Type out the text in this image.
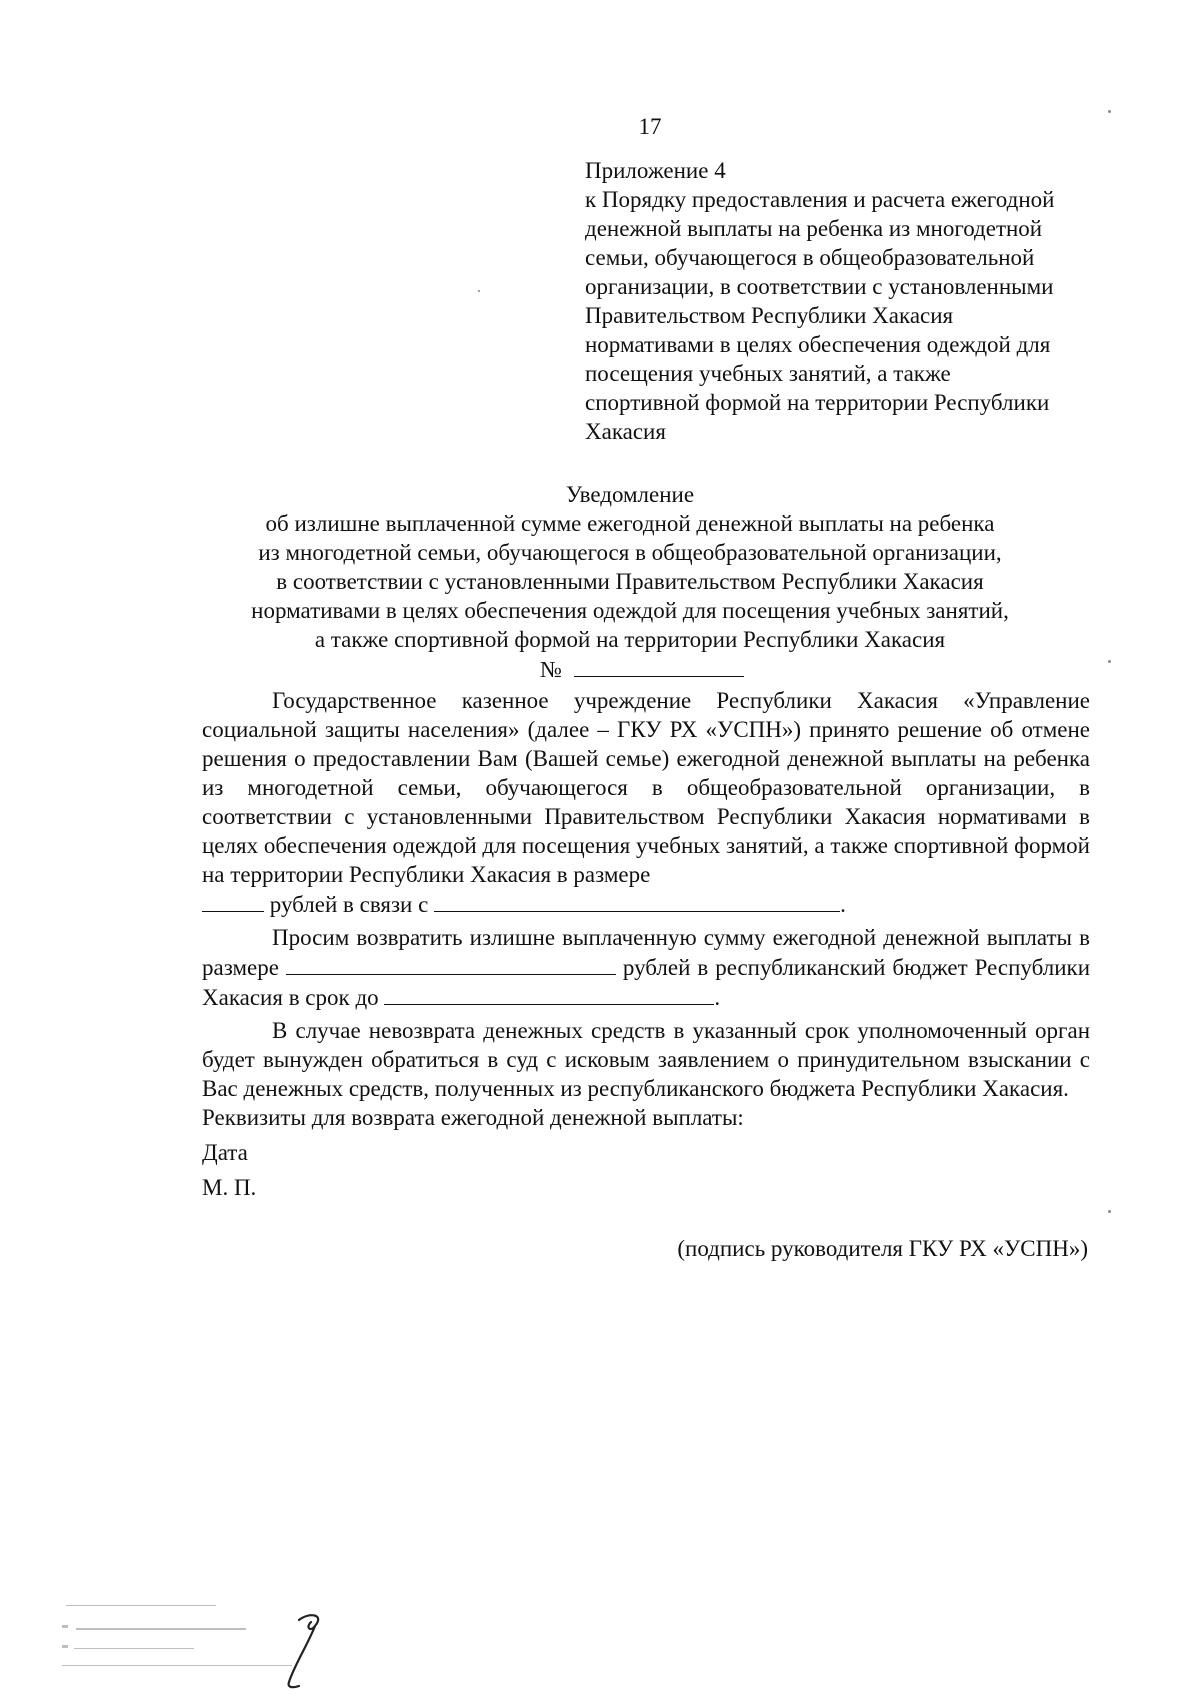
17
Приложение 4
к Порядку предоставления и расчета ежегодной
денежной выплаты на ребенка из многодетной
семьи, обучающегося в общеобразовательной
организации, в соответствии с установленными
Правительством Республики Хакасия
нормативами в целях обеспечения одеждой для
посещения учебных занятий, а также
спортивной формой на территории Республики
Хакасия
Уведомление
об излишне выплаченной сумме ежегодной денежной выплаты на ребенка
из многодетной семьи, обучающегося в общеобразовательной организации,
в соответствии с установленными Правительством Республики Хакасия
нормативами в целях обеспечения одеждой для посещения учебных занятий,
а также спортивной формой на территории Республики Хакасия
№

Государственное казенное учреждение Республики Хакасия «Управление социальной защиты населения» (далее – ГКУ РХ «УСПН») принято решение об отмене решения о предоставлении Вам (Вашей семье) ежегодной денежной выплаты на ребенка из многодетной семьи, обучающегося в общеобразовательной организации, в соответствии с установленными Правительством Республики Хакасия нормативами в целях обеспечения одеждой для посещения учебных занятий, а также спортивной формой на территории Республики Хакасия в размере

рублей в связи с	.

Просим возвратить излишне выплаченную сумму ежегодной денежной выплаты в размере	рублей в республиканский бюджет Республики Хакасия в срок до	.

В случае невозврата денежных средств в указанный срок уполномоченный орган будет вынужден обратиться в суд с исковым заявлением о принудительном взыскании с Вас денежных средств, полученных из республиканского бюджета Республики Хакасия.

Реквизиты для возврата ежегодной денежной выплаты:

Дата

М. П.

(подпись руководителя ГКУ РХ «УСПН»)
